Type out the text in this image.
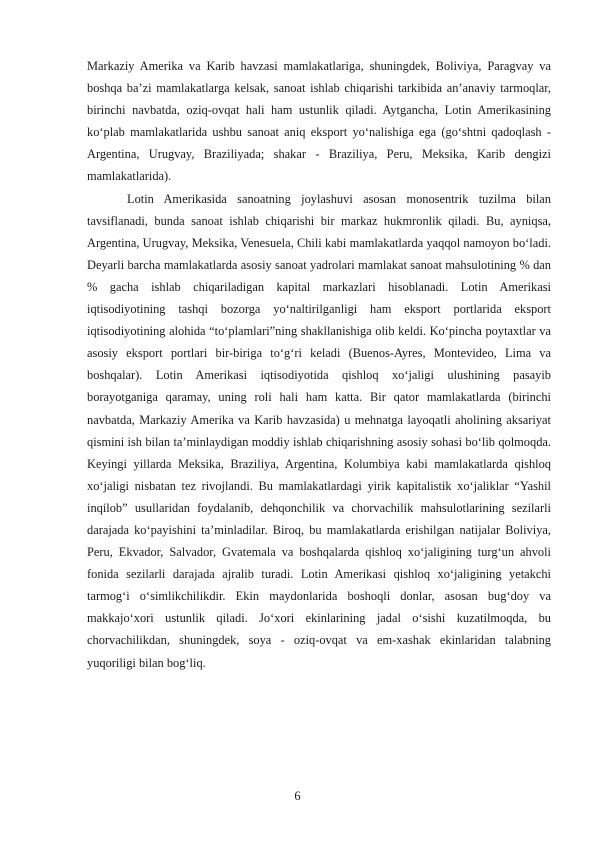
Markaziy Amerika va Karib havzasi mamlakatlariga, shuningdek, Boliviya, Paragvay va boshqa ba’zi mamlakatlarga kelsak, sanoat ishlab chiqarishi tarkibida an’anaviy tarmoqlar, birinchi navbatda, oziq-ovqat hali ham ustunlik qiladi. Aytgancha, Lotin Amerikasining ko‘plab mamlakatlarida ushbu sanoat aniq eksport yo‘nalishiga ega (go‘shtni qadoqlash - Argentina, Urugvay, Braziliyada; shakar - Braziliya, Peru, Meksika, Karib dengizi mamlakatlarida).

Lotin Amerikasida sanoatning joylashuvi asosan monosentrik tuzilma bilan tavsiflanadi, bunda sanoat ishlab chiqarishi bir markaz hukmronlik qiladi. Bu, ayniqsa, Argentina, Urugvay, Meksika, Venesuela, Chili kabi mamlakatlarda yaqqol namoyon bo‘ladi. Deyarli barcha mamlakatlarda asosiy sanoat yadrolari mamlakat sanoat mahsulotining % dan % gacha ishlab chiqariladigan kapital markazlari hisoblanadi. Lotin Amerikasi iqtisodiyotining tashqi bozorga yo‘naltirilganligi ham eksport portlarida eksport iqtisodiyotining alohida “to‘plamlari”ning shakllanishiga olib keldi. Ko‘pincha poytaxtlar va asosiy eksport portlari bir-biriga to‘g‘ri keladi (Buenos-Ayres, Montevideo, Lima va boshqalar). Lotin Amerikasi iqtisodiyotida qishloq xo‘jaligi ulushining pasayib borayotganiga qaramay, uning roli hali ham katta. Bir qator mamlakatlarda (birinchi navbatda, Markaziy Amerika va Karib havzasida) u mehnatga layoqatli aholining aksariyat qismini ish bilan ta’minlaydigan moddiy ishlab chiqarishning asosiy sohasi bo‘lib qolmoqda. Keyingi yillarda Meksika, Braziliya, Argentina, Kolumbiya kabi mamlakatlarda qishloq xo‘jaligi nisbatan tez rivojlandi. Bu mamlakatlardagi yirik kapitalistik xo‘jaliklar “Yashil inqilob” usullaridan foydalanib, dehqonchilik va chorvachilik mahsulotlarining sezilarli darajada ko‘payishini ta’minladilar. Biroq, bu mamlakatlarda erishilgan natijalar Boliviya, Peru, Ekvador, Salvador, Gvatemala va boshqalarda qishloq xo‘jaligining turg‘un ahvoli fonida sezilarli darajada ajralib turadi. Lotin Amerikasi qishloq xo‘jaligining yetakchi tarmog‘i o‘simlikchilikdir. Ekin maydonlarida boshoqli donlar, asosan bug‘doy va makkajo‘xori ustunlik qiladi. Jo‘xori ekinlarining jadal o‘sishi kuzatilmoqda, bu chorvachilikdan, shuningdek, soya - oziq-ovqat va em-xashak ekinlaridan talabning yuqoriligi bilan bog‘liq.

6
